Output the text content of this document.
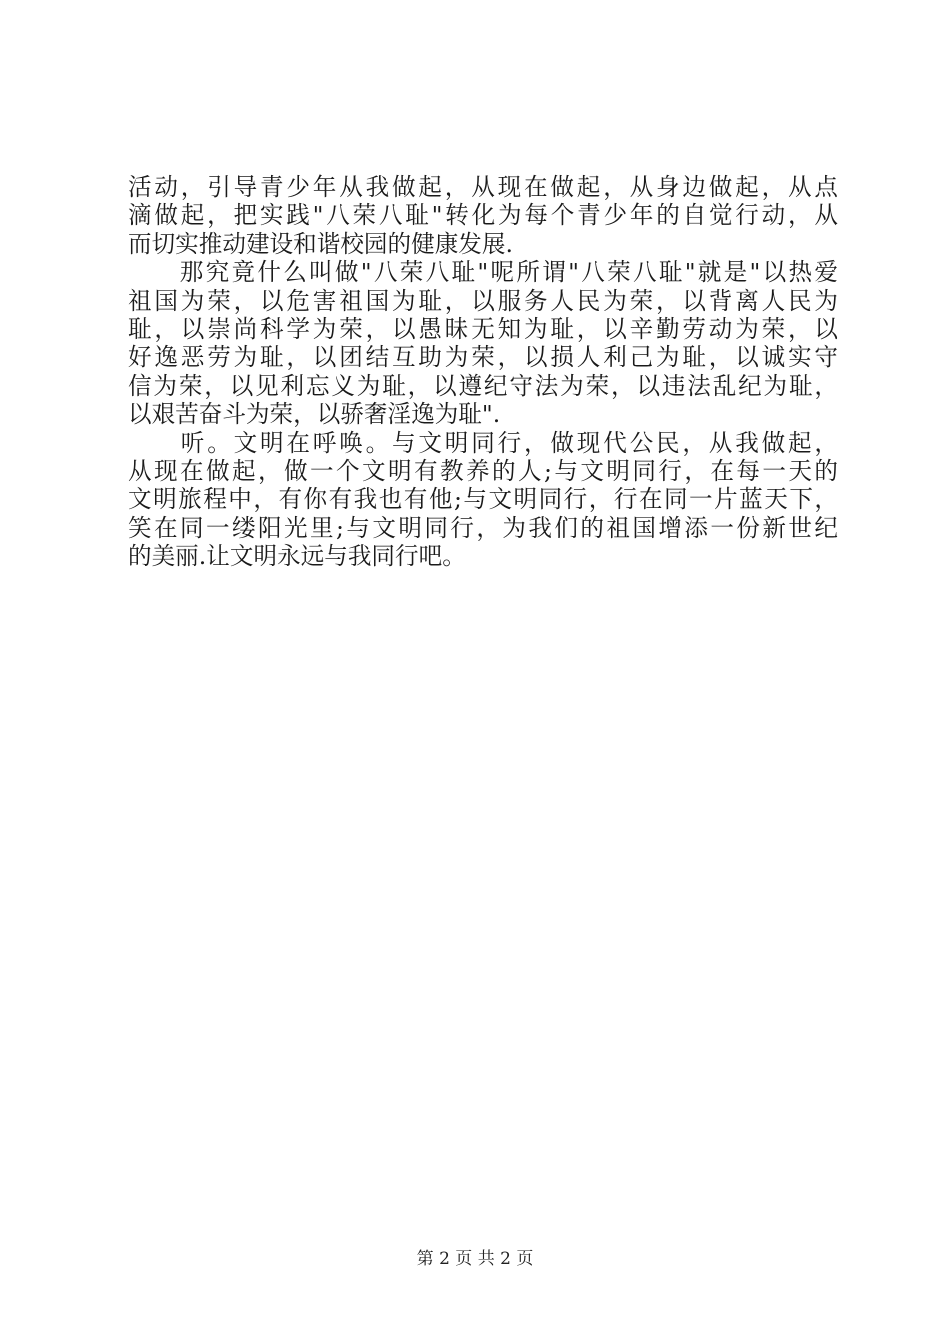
活动，引导青少年从我做起，从现在做起，从身边做起，从点
滴做起，把实践"八荣八耻"转化为每个青少年的自觉行动，从
而切实推动建设和谐校园的健康发展.
　　那究竟什么叫做"八荣八耻"呢所谓"八荣八耻"就是"以热爱
祖国为荣，以危害祖国为耻，以服务人民为荣，以背离人民为
耻，以崇尚科学为荣，以愚昧无知为耻，以辛勤劳动为荣，以
好逸恶劳为耻，以团结互助为荣，以损人利己为耻，以诚实守
信为荣，以见利忘义为耻，以遵纪守法为荣，以违法乱纪为耻，
以艰苦奋斗为荣，以骄奢淫逸为耻".
　　听。文明在呼唤。与文明同行，做现代公民，从我做起，
从现在做起，做一个文明有教养的人;与文明同行，在每一天的
文明旅程中，有你有我也有他;与文明同行，行在同一片蓝天下，
笑在同一缕阳光里;与文明同行，为我们的祖国增添一份新世纪
的美丽.让文明永远与我同行吧。
第 2 页 共 2 页
